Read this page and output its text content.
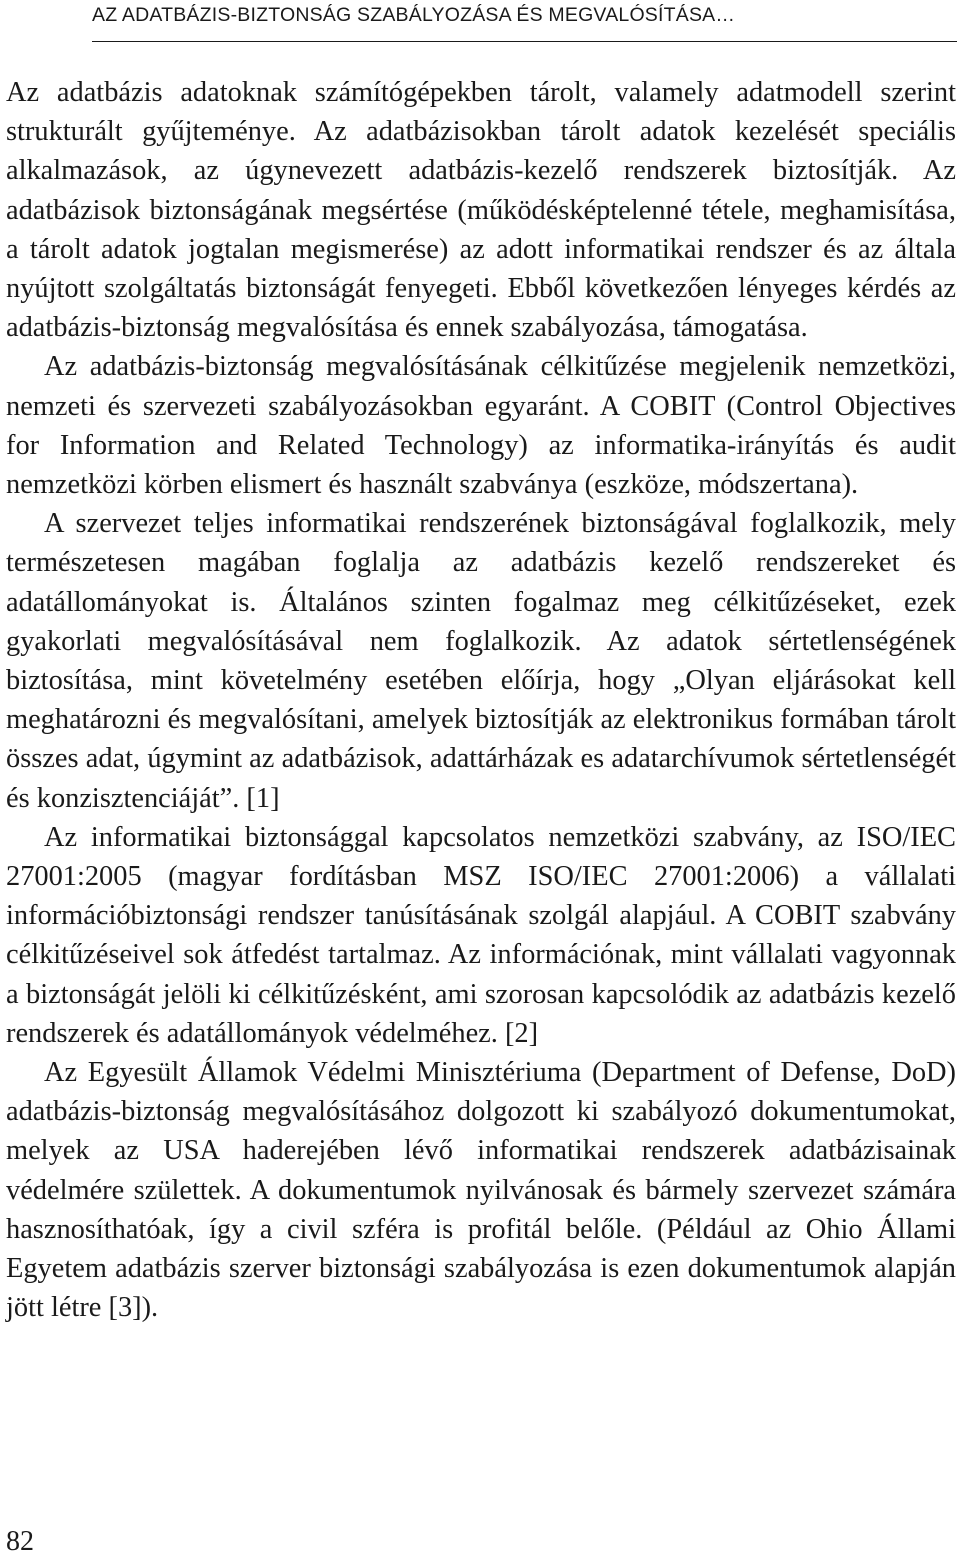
AZ ADATBÁZIS-BIZTONSÁG SZABÁLYOZÁSA ÉS MEGVALÓSÍTÁSA…

Az adatbázis adatoknak számítógépekben tárolt, valamely adatmodell szerint strukturált gyűjteménye. Az adatbázisokban tárolt adatok kezelését speciális alkalmazások, az úgynevezett adatbázis-kezelő rendszerek biztosítják. Az adatbázisok biztonságának megsértése (működésképtelenné tétele, meghamisítása, a tárolt adatok jogtalan megismerése) az adott informatikai rendszer és az általa nyújtott szolgáltatás biztonságát fenyegeti. Ebből következően lényeges kérdés az adatbázis-biztonság megvalósítása és ennek szabályozása, támogatása.

Az adatbázis-biztonság megvalósításának célkitűzése megjelenik nemzetközi, nemzeti és szervezeti szabályozásokban egyaránt. A COBIT (Control Objectives for Information and Related Technology) az informatika-irányítás és audit nemzetközi körben elismert és használt szabványa (eszköze, módszertana).

A szervezet teljes informatikai rendszerének biztonságával foglalkozik, mely természetesen magában foglalja az adatbázis kezelő rendszereket és adatállományokat is. Általános szinten fogalmaz meg célkitűzéseket, ezek gyakorlati megvalósításával nem foglalkozik. Az adatok sértetlenségének biztosítása, mint követelmény esetében előírja, hogy „Olyan eljárásokat kell meghatározni és megvalósítani, amelyek biztosítják az elektronikus formában tárolt összes adat, úgymint az adatbázisok, adattárházak es adatarchívumok sértetlenségét és konzisztenciáját”. [1]

Az informatikai biztonsággal kapcsolatos nemzetközi szabvány, az ISO/IEC 27001:2005 (magyar fordításban MSZ ISO/IEC 27001:2006) a vállalati információbiztonsági rendszer tanúsításának szolgál alapjául. A COBIT szabvány célkitűzéseivel sok átfedést tartalmaz. Az információnak, mint vállalati vagyonnak a biztonságát jelöli ki célkitűzésként, ami szorosan kapcsolódik az adatbázis kezelő rendszerek és adatállományok védelméhez. [2]

Az Egyesült Államok Védelmi Minisztériuma (Department of Defense, DoD) adatbázis-biztonság megvalósításához dolgozott ki szabályozó dokumentumokat, melyek az USA haderejében lévő informatikai rendszerek adatbázisainak védelmére születtek. A dokumentumok nyilvánosak és bármely szervezet számára hasznosíthatóak, így a civil szféra is profitál belőle. (Például az Ohio Állami Egyetem adatbázis szerver biztonsági szabályozása is ezen dokumentumok alapján jött létre [3]).

82
